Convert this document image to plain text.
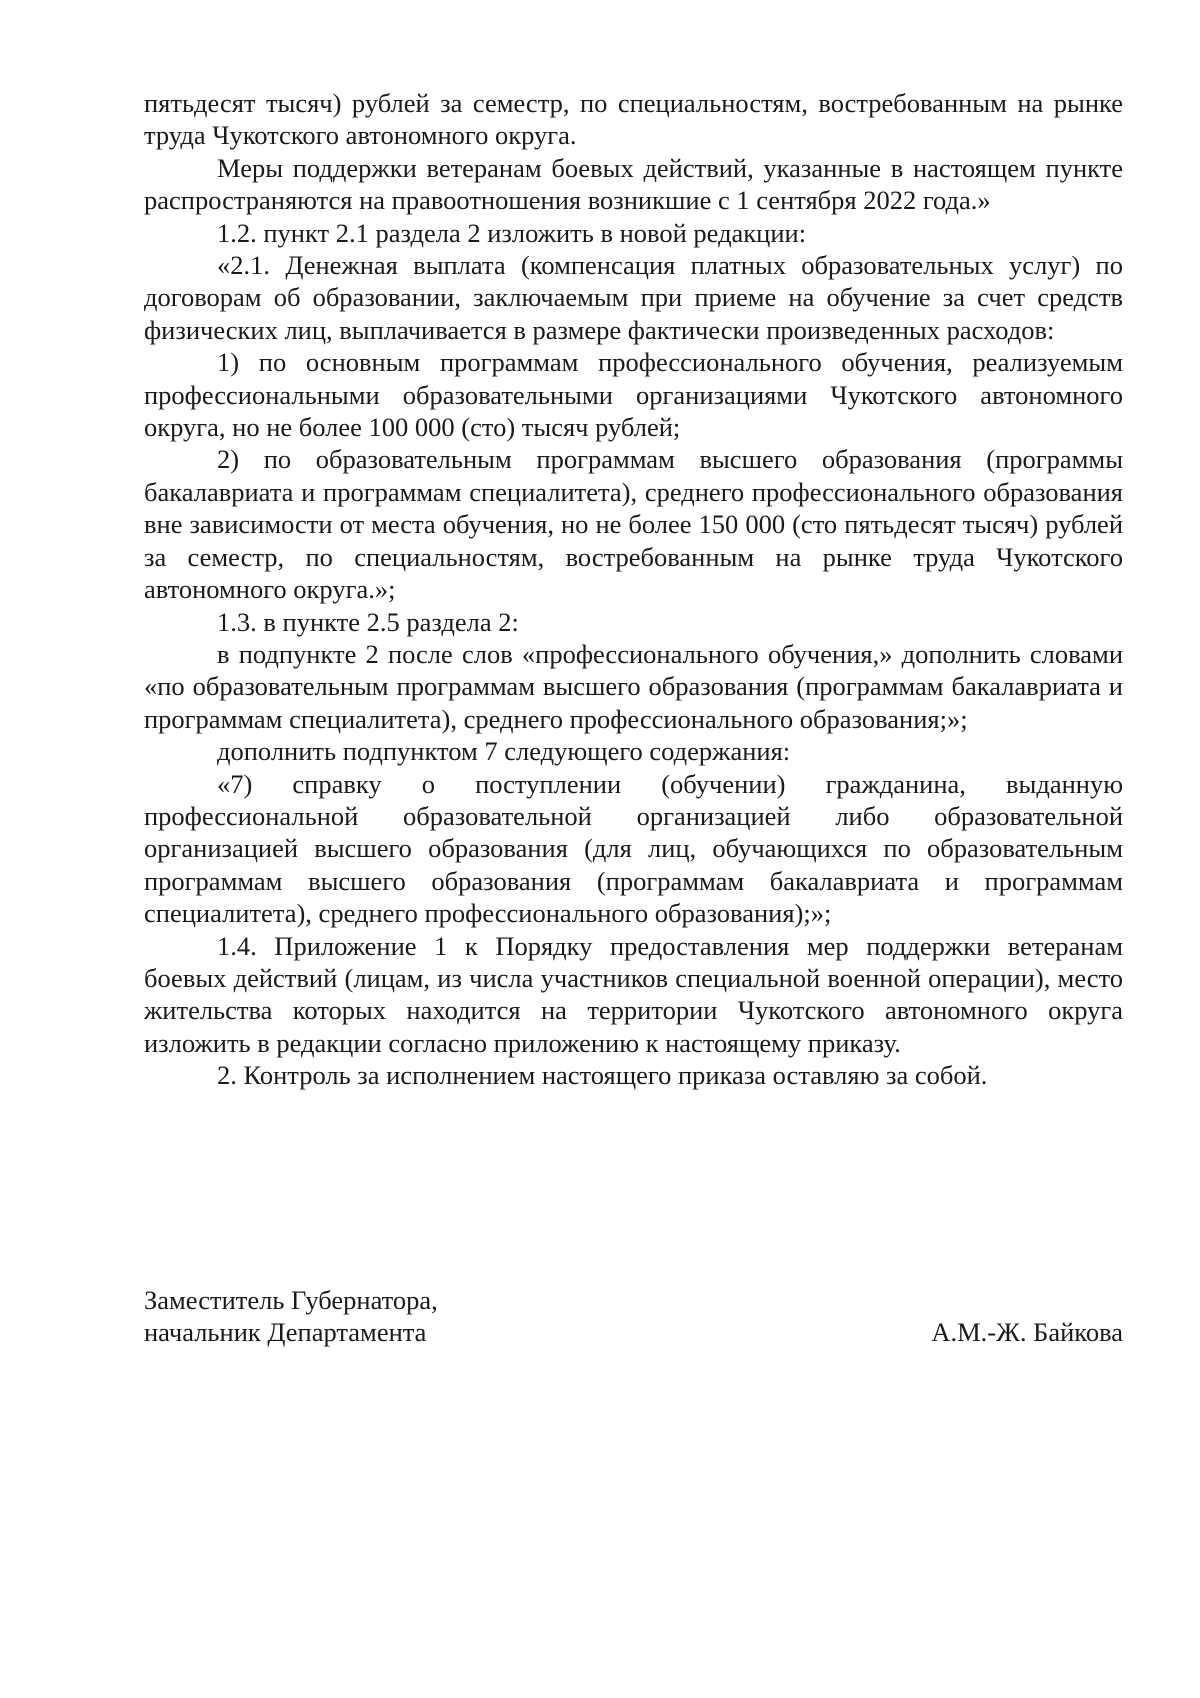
пятьдесят тысяч) рублей за семестр, по специальностям, востребованным на рынке труда Чукотского автономного округа.

Меры поддержки ветеранам боевых действий, указанные в настоящем пункте распространяются на правоотношения возникшие с 1 сентября 2022 года.»

1.2. пункт 2.1 раздела 2 изложить в новой редакции:

«2.1. Денежная выплата (компенсация платных образовательных услуг) по договорам об образовании, заключаемым при приеме на обучение за счет средств физических лиц, выплачивается в размере фактически произведенных расходов:

1) по основным программам профессионального обучения, реализуемым профессиональными образовательными организациями Чукотского автономного округа, но не более 100 000 (сто) тысяч рублей;

2) по образовательным программам высшего образования (программы бакалавриата и программам специалитета), среднего профессионального образования вне зависимости от места обучения, но не более 150 000 (сто пятьдесят тысяч) рублей за семестр, по специальностям, востребованным на рынке труда Чукотского автономного округа.»;

1.3. в пункте 2.5 раздела 2:

в подпункте 2 после слов «профессионального обучения,» дополнить словами «по образовательным программам высшего образования (программам бакалавриата и программам специалитета), среднего профессионального образования;»;

дополнить подпунктом 7 следующего содержания:

«7) справку о поступлении (обучении) гражданина, выданную профессиональной образовательной организацией либо образовательной организацией высшего образования (для лиц, обучающихся по образовательным программам высшего образования (программам бакалавриата и программам специалитета), среднего профессионального образования);»;

1.4. Приложение 1 к Порядку предоставления мер поддержки ветеранам боевых действий (лицам, из числа участников специальной военной операции), место жительства которых находится на территории Чукотского автономного округа изложить в редакции согласно приложению к настоящему приказу.

2. Контроль за исполнением настоящего приказа оставляю за собой.

Заместитель Губернатора,
начальник Департамента	А.М.-Ж. Байкова
